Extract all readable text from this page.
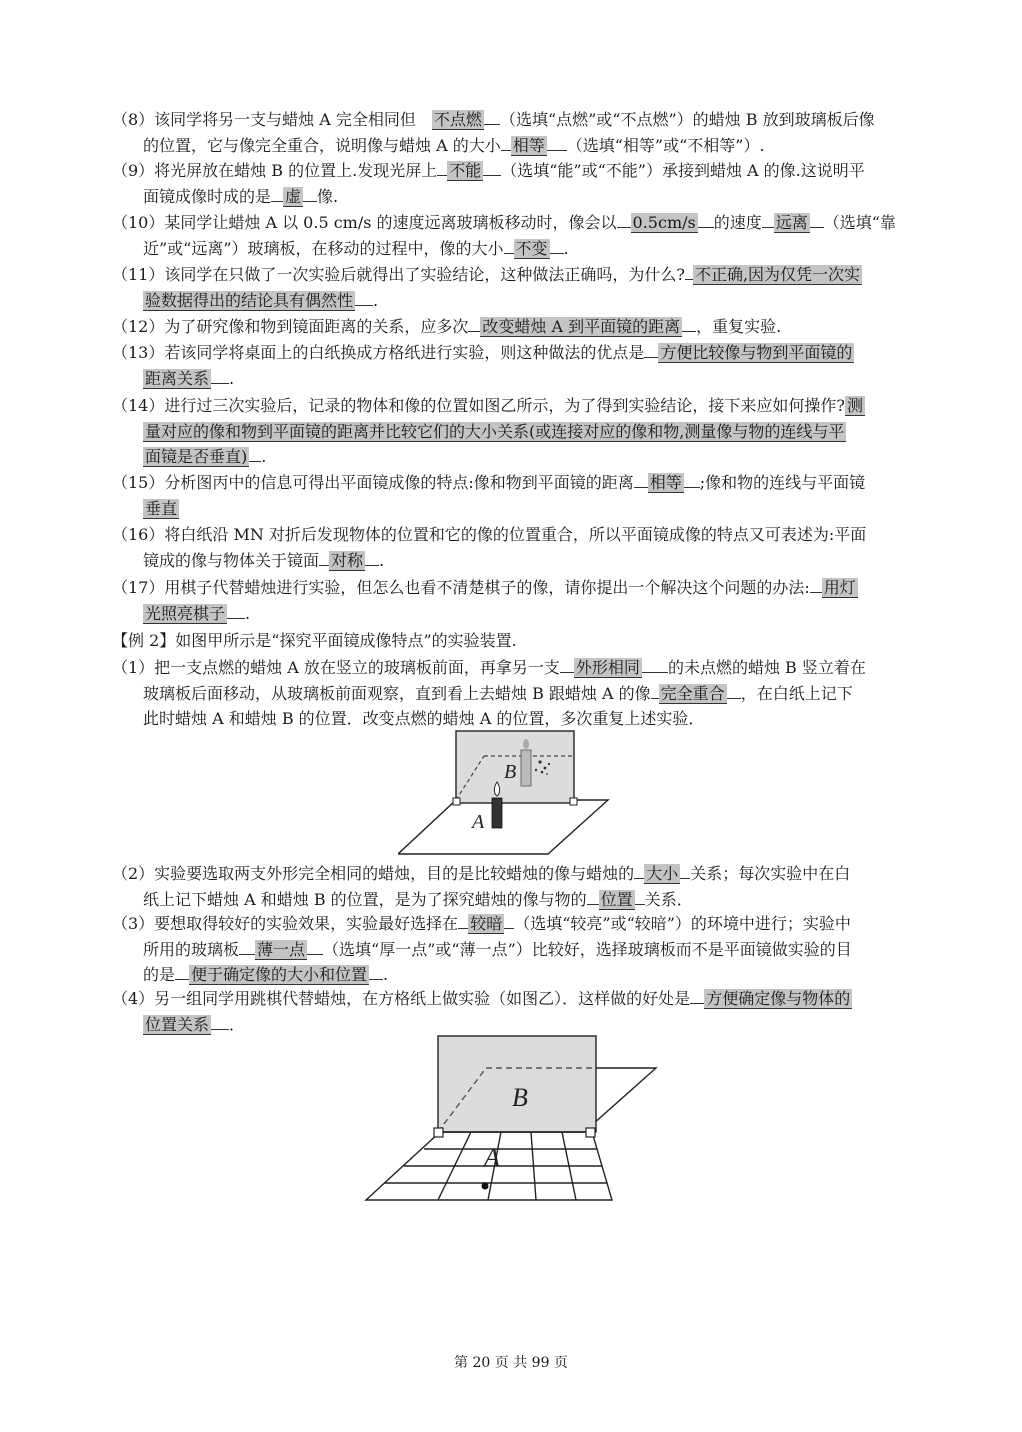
（8）该同学将另一支与蜡烛 A 完全相同但 不点燃 （选填“点燃”或“不点燃”）的蜡烛 B 放到玻璃板后像
的位置，它与像完全重合，说明像与蜡烛 A 的大小 相等 （选填“相等”或“不相等”）.

（9）将光屏放在蜡烛 B 的位置上.发现光屏上 不能 （选填“能”或“不能”）承接到蜡烛 A 的像.这说明平
面镜成像时成的是 虚 像.

（10）某同学让蜡烛 A 以 0.5 cm/s 的速度远离玻璃板移动时，像会以 0.5cm/s 的速度 远离 （选填“靠
近”或“远离”）玻璃板，在移动的过程中，像的大小 不变 .

（11）该同学在只做了一次实验后就得出了实验结论，这种做法正确吗，为什么? 不正确,因为仅凭一次实
验数据得出的结论具有偶然性 .

（12）为了研究像和物到镜面距离的关系，应多次 改变蜡烛 A 到平面镜的距离 ，重复实验.

（13）若该同学将桌面上的白纸换成方格纸进行实验，则这种做法的优点是 方便比较像与物到平面镜的
距离关系 .

（14）进行过三次实验后，记录的物体和像的位置如图乙所示，为了得到实验结论，接下来应如何操作? 测
量对应的像和物到平面镜的距离并比较它们的大小关系(或连接对应的像和物,测量像与物的连线与平
面镜是否垂直) .

（15）分析图丙中的信息可得出平面镜成像的特点:像和物到平面镜的距离 相等 ;像和物的连线与平面镜
垂直

（16）将白纸沿 MN 对折后发现物体的位置和它的像的位置重合，所以平面镜成像的特点又可表述为:平面
镜成的像与物体关于镜面 对称 .

（17）用棋子代替蜡烛进行实验，但怎么也看不清楚棋子的像，请你提出一个解决这个问题的办法: 用灯
光照亮棋子 .

【例 2】如图甲所示是“探究平面镜成像特点”的实验装置.

（1）把一支点燃的蜡烛 A 放在竖立的玻璃板前面，再拿另一支 外形相同 的未点燃的蜡烛 B 竖立着在
玻璃板后面移动，从玻璃板前面观察，直到看上去蜡烛 B 跟蜡烛 A 的像 完全重合 ，在白纸上记下
此时蜡烛 A 和蜡烛 B 的位置．改变点燃的蜡烛 A 的位置，多次重复上述实验．

B
A

（2）实验要选取两支外形完全相同的蜡烛，目的是比较蜡烛的像与蜡烛的 大小 关系；每次实验中在白
纸上记下蜡烛 A 和蜡烛 B 的位置，是为了探究蜡烛的像与物的 位置 关系．

（3）要想取得较好的实验效果，实验最好选择在 较暗 （选填“较亮”或“较暗”）的环境中进行；实验中
所用的玻璃板 薄一点 （选填“厚一点”或“薄一点”）比较好，选择玻璃板而不是平面镜做实验的目
的是 便于确定像的大小和位置 .

（4）另一组同学用跳棋代替蜡烛，在方格纸上做实验（如图乙）．这样做的好处是 方便确定像与物体的
位置关系 ．

B
A
第 20 页 共 99 页
